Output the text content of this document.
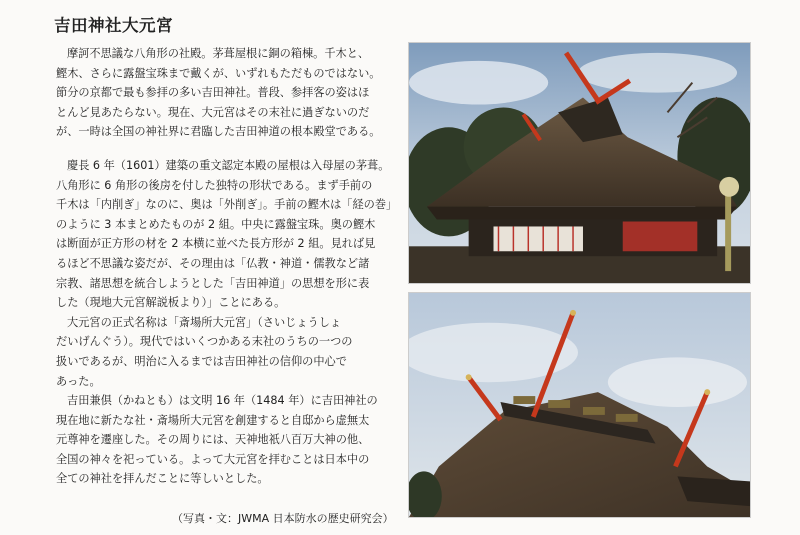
吉田神社大元宮

摩訶不思議な八角形の社殿。茅葺屋根に銅の箱棟。千木と、
鰹木、さらに露盤宝珠まで戴くが、いずれもただものではない。
節分の京都で最も参拝の多い吉田神社。普段、参拝客の姿はほ
とんど見あたらない。現在、大元宮はその末社に過ぎないのだ
が、一時は全国の神社界に君臨した吉田神道の根本殿堂である。

慶長 6 年（1601）建築の重文認定本殿の屋根は入母屋の茅葺。
八角形に 6 角形の後房を付した独特の形状である。まず手前の
千木は「内削ぎ」なのに、奥は「外削ぎ」。手前の鰹木は「経の巻」
のように 3 本まとめたものが 2 組。中央に露盤宝珠。奥の鰹木
は断面が正方形の材を 2 本横に並べた長方形が 2 組。見れば見
るほど不思議な姿だが、その理由は「仏教・神道・儒教など諸
宗教、諸思想を統合しようとした「吉田神道」の思想を形に表
した（現地大元宮解説板より）」ことにある。

大元宮の正式名称は「斎場所大元宮」（さいじょうしょ
だいげんぐう）。現代ではいくつかある末社のうちの一つの
扱いであるが、明治に入るまでは吉田神社の信仰の中心で
あった。

吉田兼倶（かねとも）は文明 16 年（1484 年）に吉田神社の
現在地に新たな社・斎場所大元宮を創建すると自邸から虚無太
元尊神を遷座した。その周りには、天神地祇八百万大神の他、
全国の神々を祀っている。よって大元宮を拝むことは日本中の
全ての神社を拝んだことに等しいとした。

（写真・文：JWMA 日本防水の歴史研究会）
